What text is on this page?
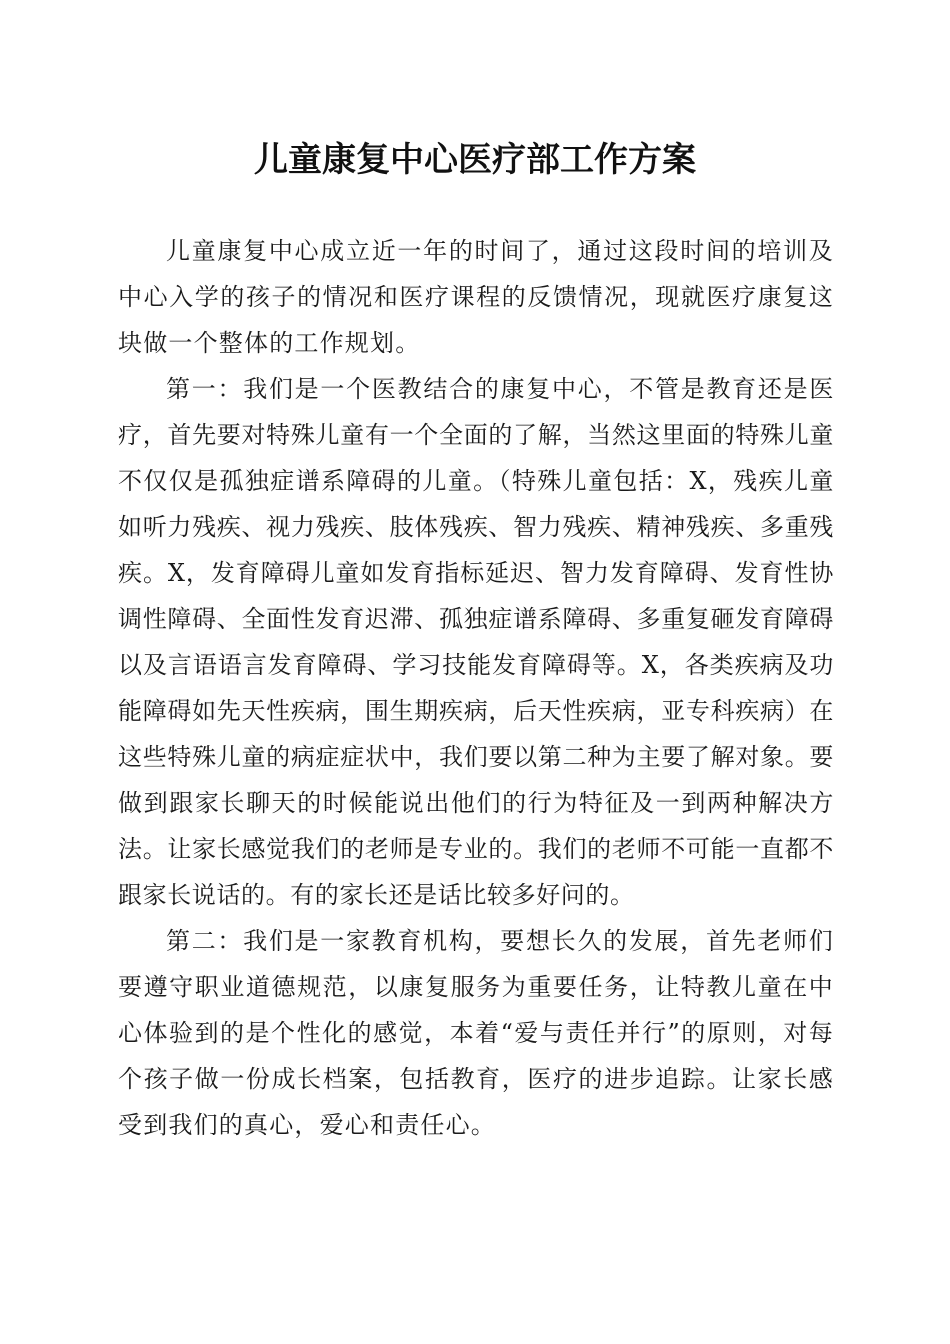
儿童康复中心医疗部工作方案

儿童康复中心成立近一年的时间了，通过这段时间的培训及中心入学的孩子的情况和医疗课程的反馈情况，现就医疗康复这块做一个整体的工作规划。

第一：我们是一个医教结合的康复中心，不管是教育还是医疗，首先要对特殊儿童有一个全面的了解，当然这里面的特殊儿童不仅仅是孤独症谱系障碍的儿童。（特殊儿童包括：X，残疾儿童如听力残疾、视力残疾、肢体残疾、智力残疾、精神残疾、多重残疾。X，发育障碍儿童如发育指标延迟、智力发育障碍、发育性协调性障碍、全面性发育迟滞、孤独症谱系障碍、多重复砸发育障碍以及言语语言发育障碍、学习技能发育障碍等。X，各类疾病及功能障碍如先天性疾病，围生期疾病，后天性疾病，亚专科疾病）在这些特殊儿童的病症症状中，我们要以第二种为主要了解对象。要做到跟家长聊天的时候能说出他们的行为特征及一到两种解决方法。让家长感觉我们的老师是专业的。我们的老师不可能一直都不跟家长说话的。有的家长还是话比较多好问的。

第二：我们是一家教育机构，要想长久的发展，首先老师们要遵守职业道德规范，以康复服务为重要任务，让特教儿童在中心体验到的是个性化的感觉，本着“爱与责任并行”的原则，对每个孩子做一份成长档案，包括教育，医疗的进步追踪。让家长感受到我们的真心，爱心和责任心。
